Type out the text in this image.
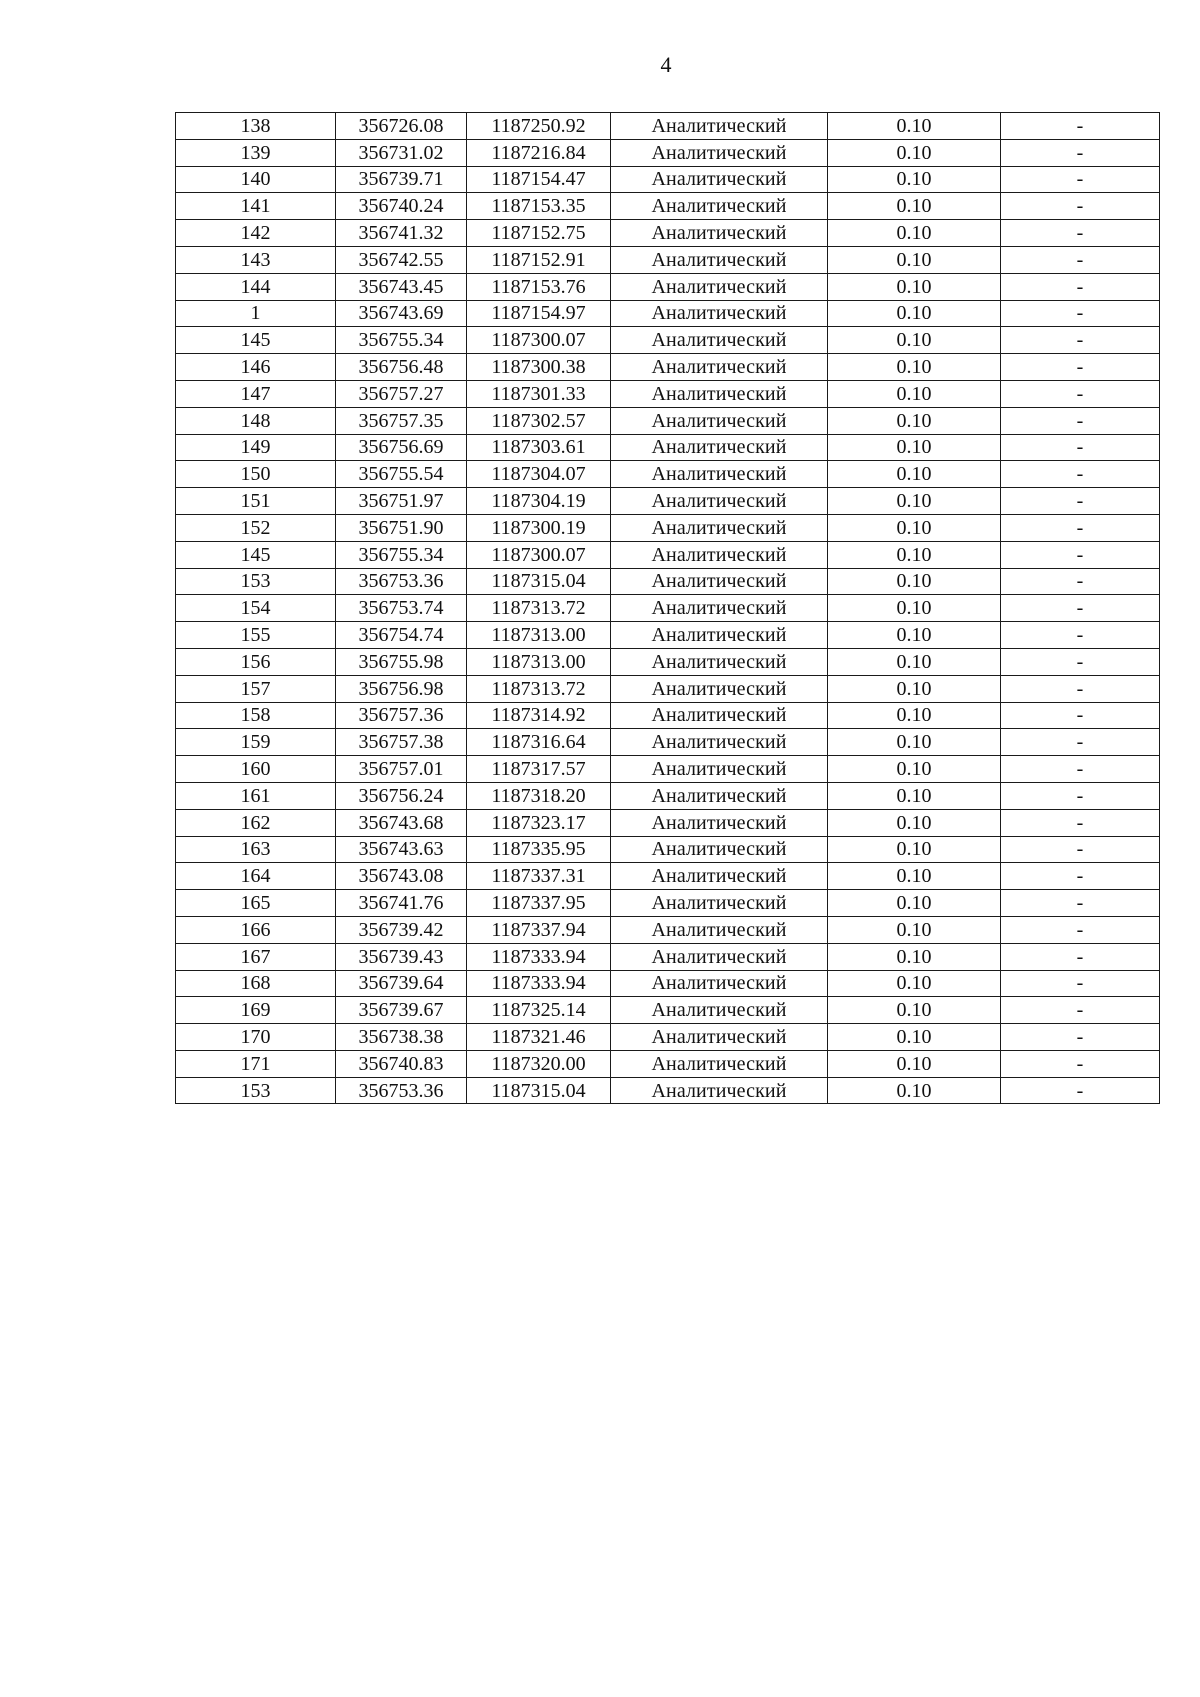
4
138	356726.08	1187250.92	Аналитический	0.10	-
139	356731.02	1187216.84	Аналитический	0.10	-
140	356739.71	1187154.47	Аналитический	0.10	-
141	356740.24	1187153.35	Аналитический	0.10	-
142	356741.32	1187152.75	Аналитический	0.10	-
143	356742.55	1187152.91	Аналитический	0.10	-
144	356743.45	1187153.76	Аналитический	0.10	-
1	356743.69	1187154.97	Аналитический	0.10	-
145	356755.34	1187300.07	Аналитический	0.10	-
146	356756.48	1187300.38	Аналитический	0.10	-
147	356757.27	1187301.33	Аналитический	0.10	-
148	356757.35	1187302.57	Аналитический	0.10	-
149	356756.69	1187303.61	Аналитический	0.10	-
150	356755.54	1187304.07	Аналитический	0.10	-
151	356751.97	1187304.19	Аналитический	0.10	-
152	356751.90	1187300.19	Аналитический	0.10	-
145	356755.34	1187300.07	Аналитический	0.10	-
153	356753.36	1187315.04	Аналитический	0.10	-
154	356753.74	1187313.72	Аналитический	0.10	-
155	356754.74	1187313.00	Аналитический	0.10	-
156	356755.98	1187313.00	Аналитический	0.10	-
157	356756.98	1187313.72	Аналитический	0.10	-
158	356757.36	1187314.92	Аналитический	0.10	-
159	356757.38	1187316.64	Аналитический	0.10	-
160	356757.01	1187317.57	Аналитический	0.10	-
161	356756.24	1187318.20	Аналитический	0.10	-
162	356743.68	1187323.17	Аналитический	0.10	-
163	356743.63	1187335.95	Аналитический	0.10	-
164	356743.08	1187337.31	Аналитический	0.10	-
165	356741.76	1187337.95	Аналитический	0.10	-
166	356739.42	1187337.94	Аналитический	0.10	-
167	356739.43	1187333.94	Аналитический	0.10	-
168	356739.64	1187333.94	Аналитический	0.10	-
169	356739.67	1187325.14	Аналитический	0.10	-
170	356738.38	1187321.46	Аналитический	0.10	-
171	356740.83	1187320.00	Аналитический	0.10	-
153	356753.36	1187315.04	Аналитический	0.10	-
